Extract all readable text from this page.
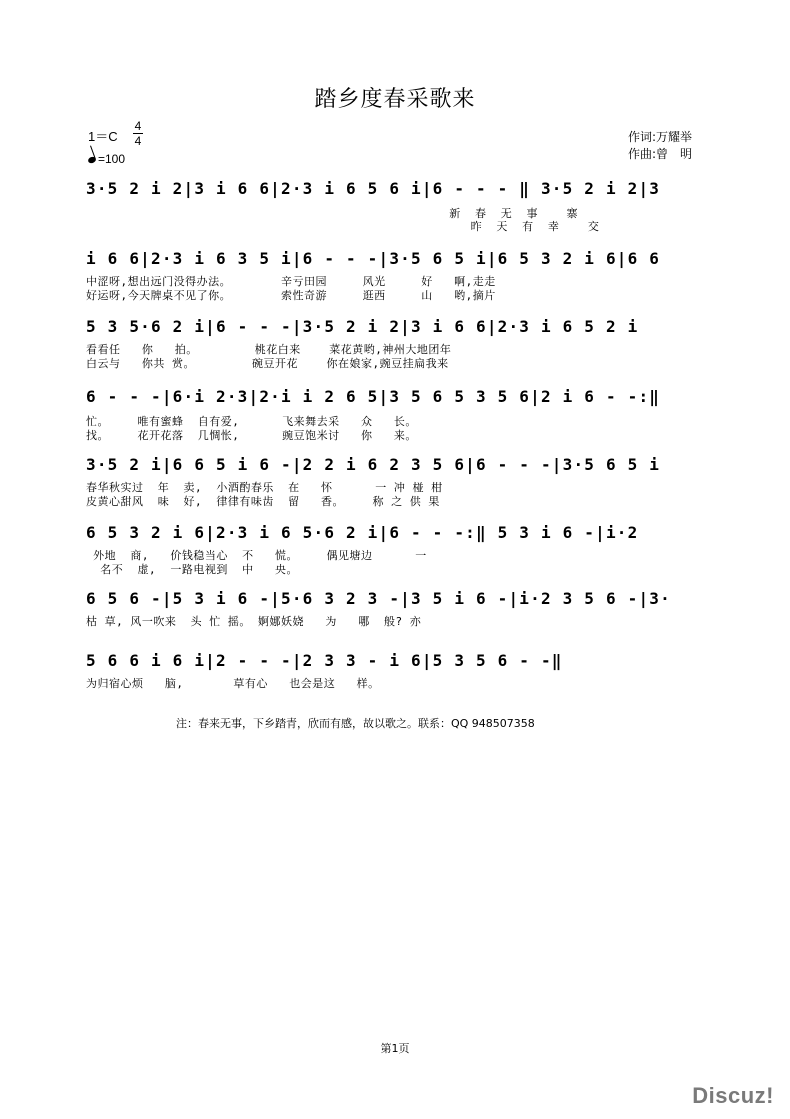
踏乡度春采歌来
1＝C
4
4
=100
作词:万耀举
作曲:曾　明
3·5 2 i 2|3 i 6 6|2·3 i 6 5 6 i|6 - - - ‖ 3·5 2 i 2|3
新  春  无  事    寨
昨  天  有  幸    交
i 6 6|2·3 i 6 3 5 i|6 - - -|3·5 6 5 i|6 5 3 2 i 6|6 6
中涩呀,想出远门没得办法。       辛亏田园     风光     好   啊,走走
好运呀,今天牌桌不见了你。       索性奇游     逛西     山   哟,摘片
5 3 5·6 2 i|6 - - -|3·5 2 i 2|3 i 6 6|2·3 i 6 5 2 i
看看任   你   拍。        桃花白来    菜花黄哟,神州大地团年
白云与   你共 赏。        碗豆开花    你在娘家,豌豆挂扁我来
6 - - -|6·i 2·3|2·i i 2 6 5|3 5 6 5 3 5 6|2 i 6 - -:‖
忙。    唯有蜜蜂  自有爱,      飞来舞去采   众   长。
找。    花开花落  几惆怅,      豌豆饱米讨   你   来。
3·5 2 i|6 6 5 i 6 -|2 2 i 6 2 3 5 6|6 - - -|3·5 6 5 i
春华秋实过  年  卖,  小酒酌春乐  在   怀      一 冲 椪 柑
皮黄心甜风  味  好,  律律有味齿  留   香。    称 之 供 果
6 5 3 2 i 6|2·3 i 6 5·6 2 i|6 - - -:‖ 5 3 i 6 -|i·2
外地  商,   价钱稳当心  不   慌。    偶见塘边      一
名不  虚,  一路电视到  中   央。
6 5 6 -|5 3 i 6 -|5·6 3 2 3 -|3 5 i 6 -|i·2 3 5 6 -|3·
枯 草, 风一吹来  头 忙 摇。 婀娜妖娆   为   哪  般? 亦
5 6 6 i 6 i|2 - - -|2 3 3 - i 6|5 3 5 6 - -‖
为归宿心烦   脑,       草有心   也会是这   样。
注：春来无事，下乡踏青，欣而有感，故以歌之。联系：QQ 948507358
第1页
Discuz!
